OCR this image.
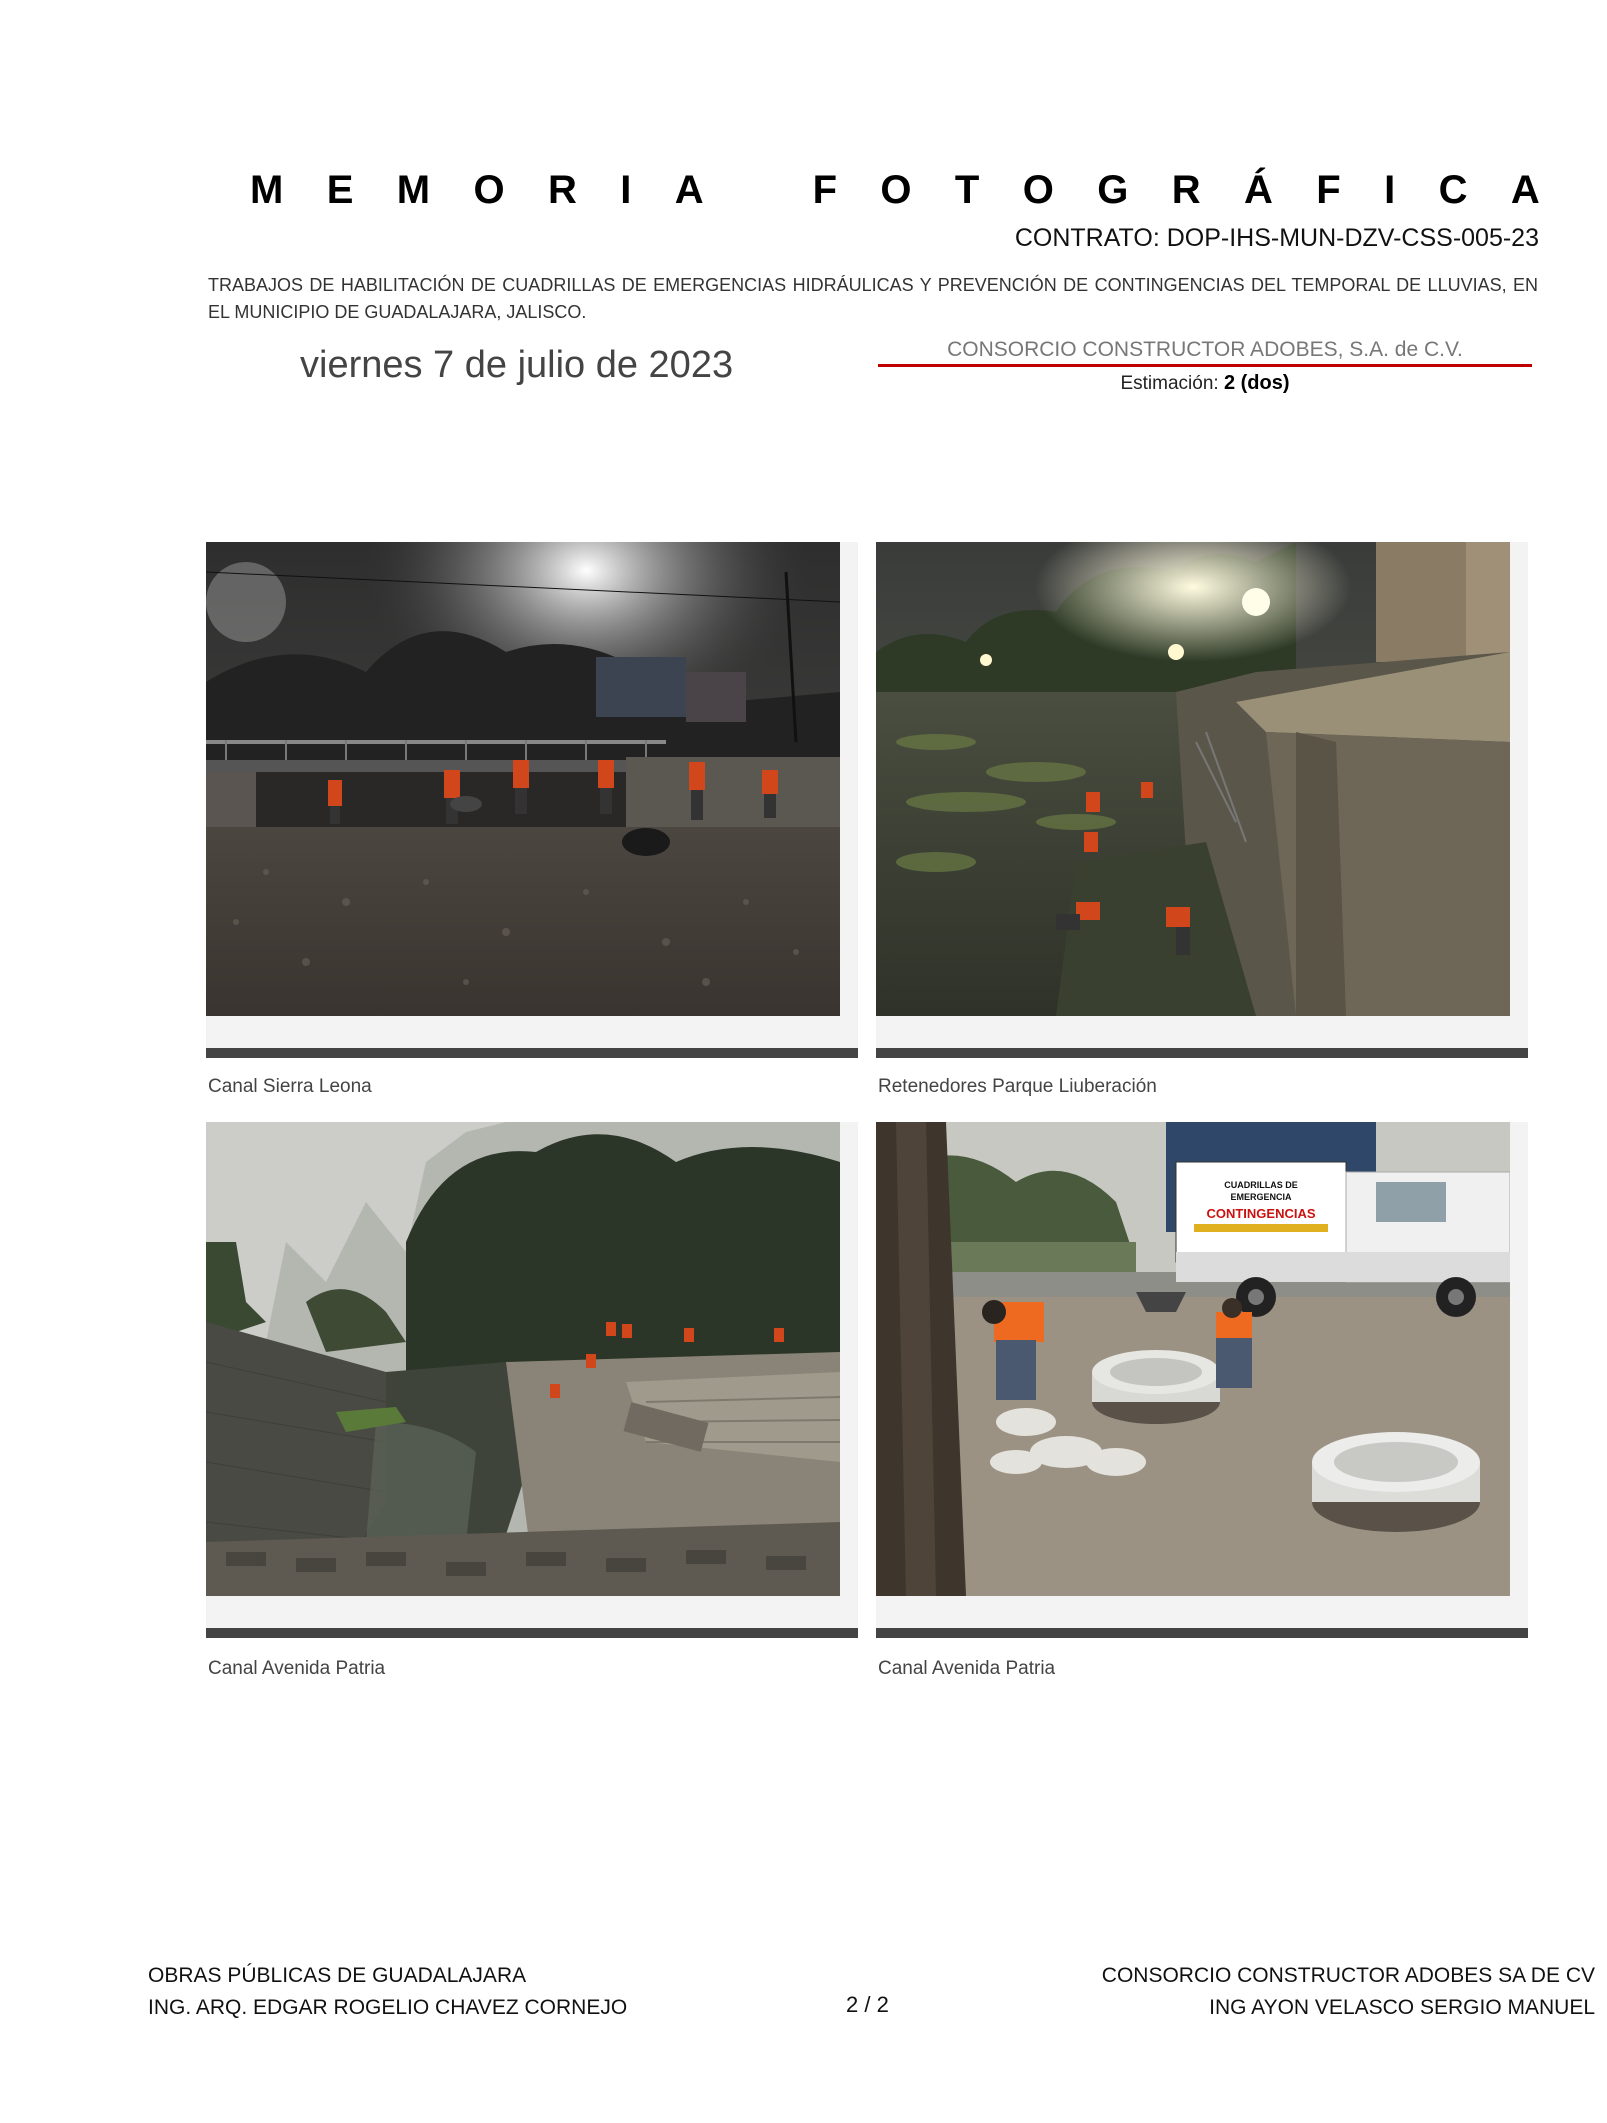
M E M O R I A
	F O T O G R Á F I C A
CONTRATO: DOP-IHS-MUN-DZV-CSS-005-23
TRABAJOS DE HABILITACIÓN DE CUADRILLAS DE EMERGENCIAS HIDRÁULICAS Y PREVENCIÓN DE CONTINGENCIAS DEL TEMPORAL DE LLUVIAS, EN EL MUNICIPIO DE GUADALAJARA, JALISCO.
viernes 7 de julio de 2023	CONSORCIO CONSTRUCTOR ADOBES, S.A. de C.V.
Estimación: 2 (dos)
Canal Sierra Leona	Retenedores Parque Liuberación
Canal Avenida Patria
CUADRILLAS DE
EMERGENCIA
CONTINGENCIAS
Canal Avenida Patria
OBRAS PÚBLICAS DE GUADALAJARA
ING. ARQ. EDGAR ROGELIO CHAVEZ CORNEJO	2 / 2
CONSORCIO CONSTRUCTOR ADOBES SA DE CV
ING AYON VELASCO SERGIO MANUEL
